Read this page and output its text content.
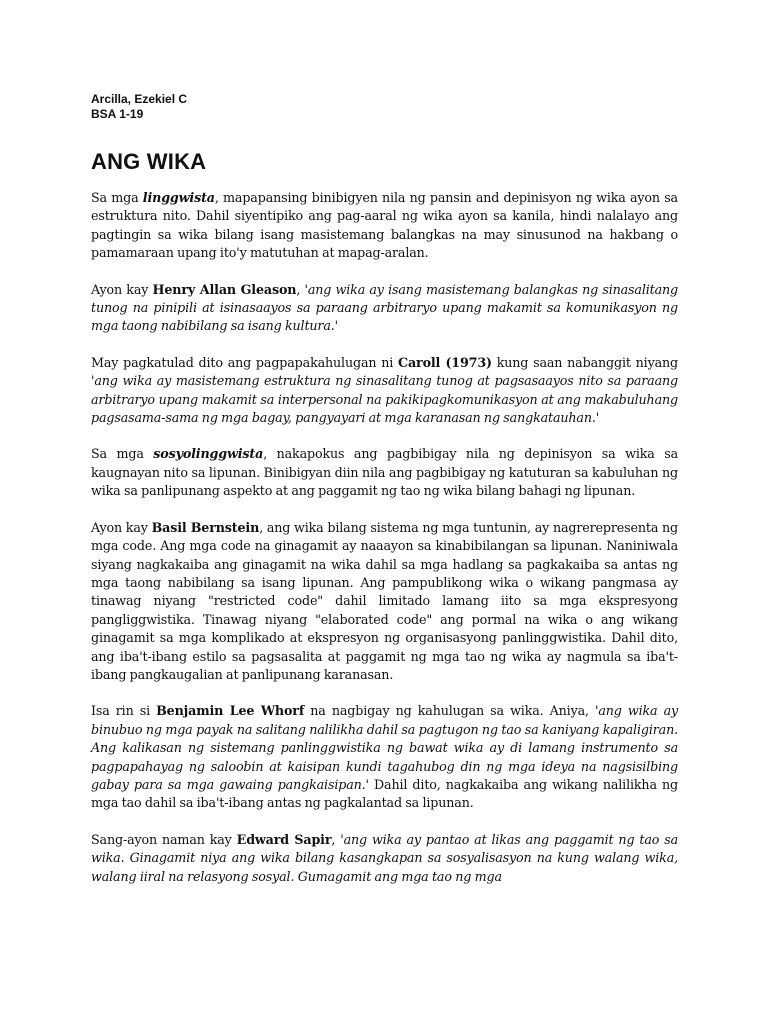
Arcilla, Ezekiel C

BSA 1-19

ANG WIKA

Sa mga linggwista, mapapansing binibigyen nila ng pansin and depinisyon ng wika ayon sa estruktura nito. Dahil siyentipiko ang pag-aaral ng wika ayon sa kanila, hindi nalalayo ang pagtingin sa wika bilang isang masistemang balangkas na may sinusunod na hakbang o pamamaraan upang ito'y matutuhan at mapag-aralan.

Ayon kay Henry Allan Gleason, 'ang wika ay isang masistemang balangkas ng sinasalitang tunog na pinipili at isinasaayos sa paraang arbitraryo upang makamit sa komunikasyon ng mga taong nabibilang sa isang kultura.'

May pagkatulad dito ang pagpapakahulugan ni Caroll (1973) kung saan nabanggit niyang 'ang wika ay masistemang estruktura ng sinasalitang tunog at pagsasaayos nito sa paraang arbitraryo upang makamit sa interpersonal na pakikipagkomunikasyon at ang makabuluhang pagsasama-sama ng mga bagay, pangyayari at mga karanasan ng sangkatauhan.'

Sa mga sosyolinggwista, nakapokus ang pagbibigay nila ng depinisyon sa wika sa kaugnayan nito sa lipunan. Binibigyan diin nila ang pagbibigay ng katuturan sa kabuluhan ng wika sa panlipunang aspekto at ang paggamit ng tao ng wika bilang bahagi ng lipunan.

Ayon kay Basil Bernstein, ang wika bilang sistema ng mga tuntunin, ay nagrerepresenta ng mga code. Ang mga code na ginagamit ay naaayon sa kinabibilangan sa lipunan. Naniniwala siyang nagkakaiba ang ginagamit na wika dahil sa mga hadlang sa pagkakaiba sa antas ng mga taong nabibilang sa isang lipunan. Ang pampublikong wika o wikang pangmasa ay tinawag niyang "restricted code" dahil limitado lamang iito sa mga ekspresyong pangliggwistika. Tinawag niyang "elaborated code" ang pormal na wika o ang wikang ginagamit sa mga komplikado at ekspresyon ng organisasyong panlinggwistika. Dahil dito, ang iba't-ibang estilo sa pagsasalita at paggamit ng mga tao ng wika ay nagmula sa iba't-ibang pangkaugalian at panlipunang karanasan.

Isa rin si Benjamin Lee Whorf na nagbigay ng kahulugan sa wika. Aniya, 'ang wika ay binubuo ng mga payak na salitang nalilikha dahil sa pagtugon ng tao sa kaniyang kapaligiran. Ang kalikasan ng sistemang panlinggwistika ng bawat wika ay di lamang instrumento sa pagpapahayag ng saloobin at kaisipan kundi tagahubog din ng mga ideya na nagsisilbing gabay para sa mga gawaing pangkaisipan.' Dahil dito, nagkakaiba ang wikang nalilikha ng mga tao dahil sa iba't-ibang antas ng pagkalantad sa lipunan.

Sang-ayon naman kay Edward Sapir, 'ang wika ay pantao at likas ang paggamit ng tao sa wika. Ginagamit niya ang wika bilang kasangkapan sa sosyalisasyon na kung walang wika, walang iiral na relasyong sosyal. Gumagamit ang mga tao ng mga
